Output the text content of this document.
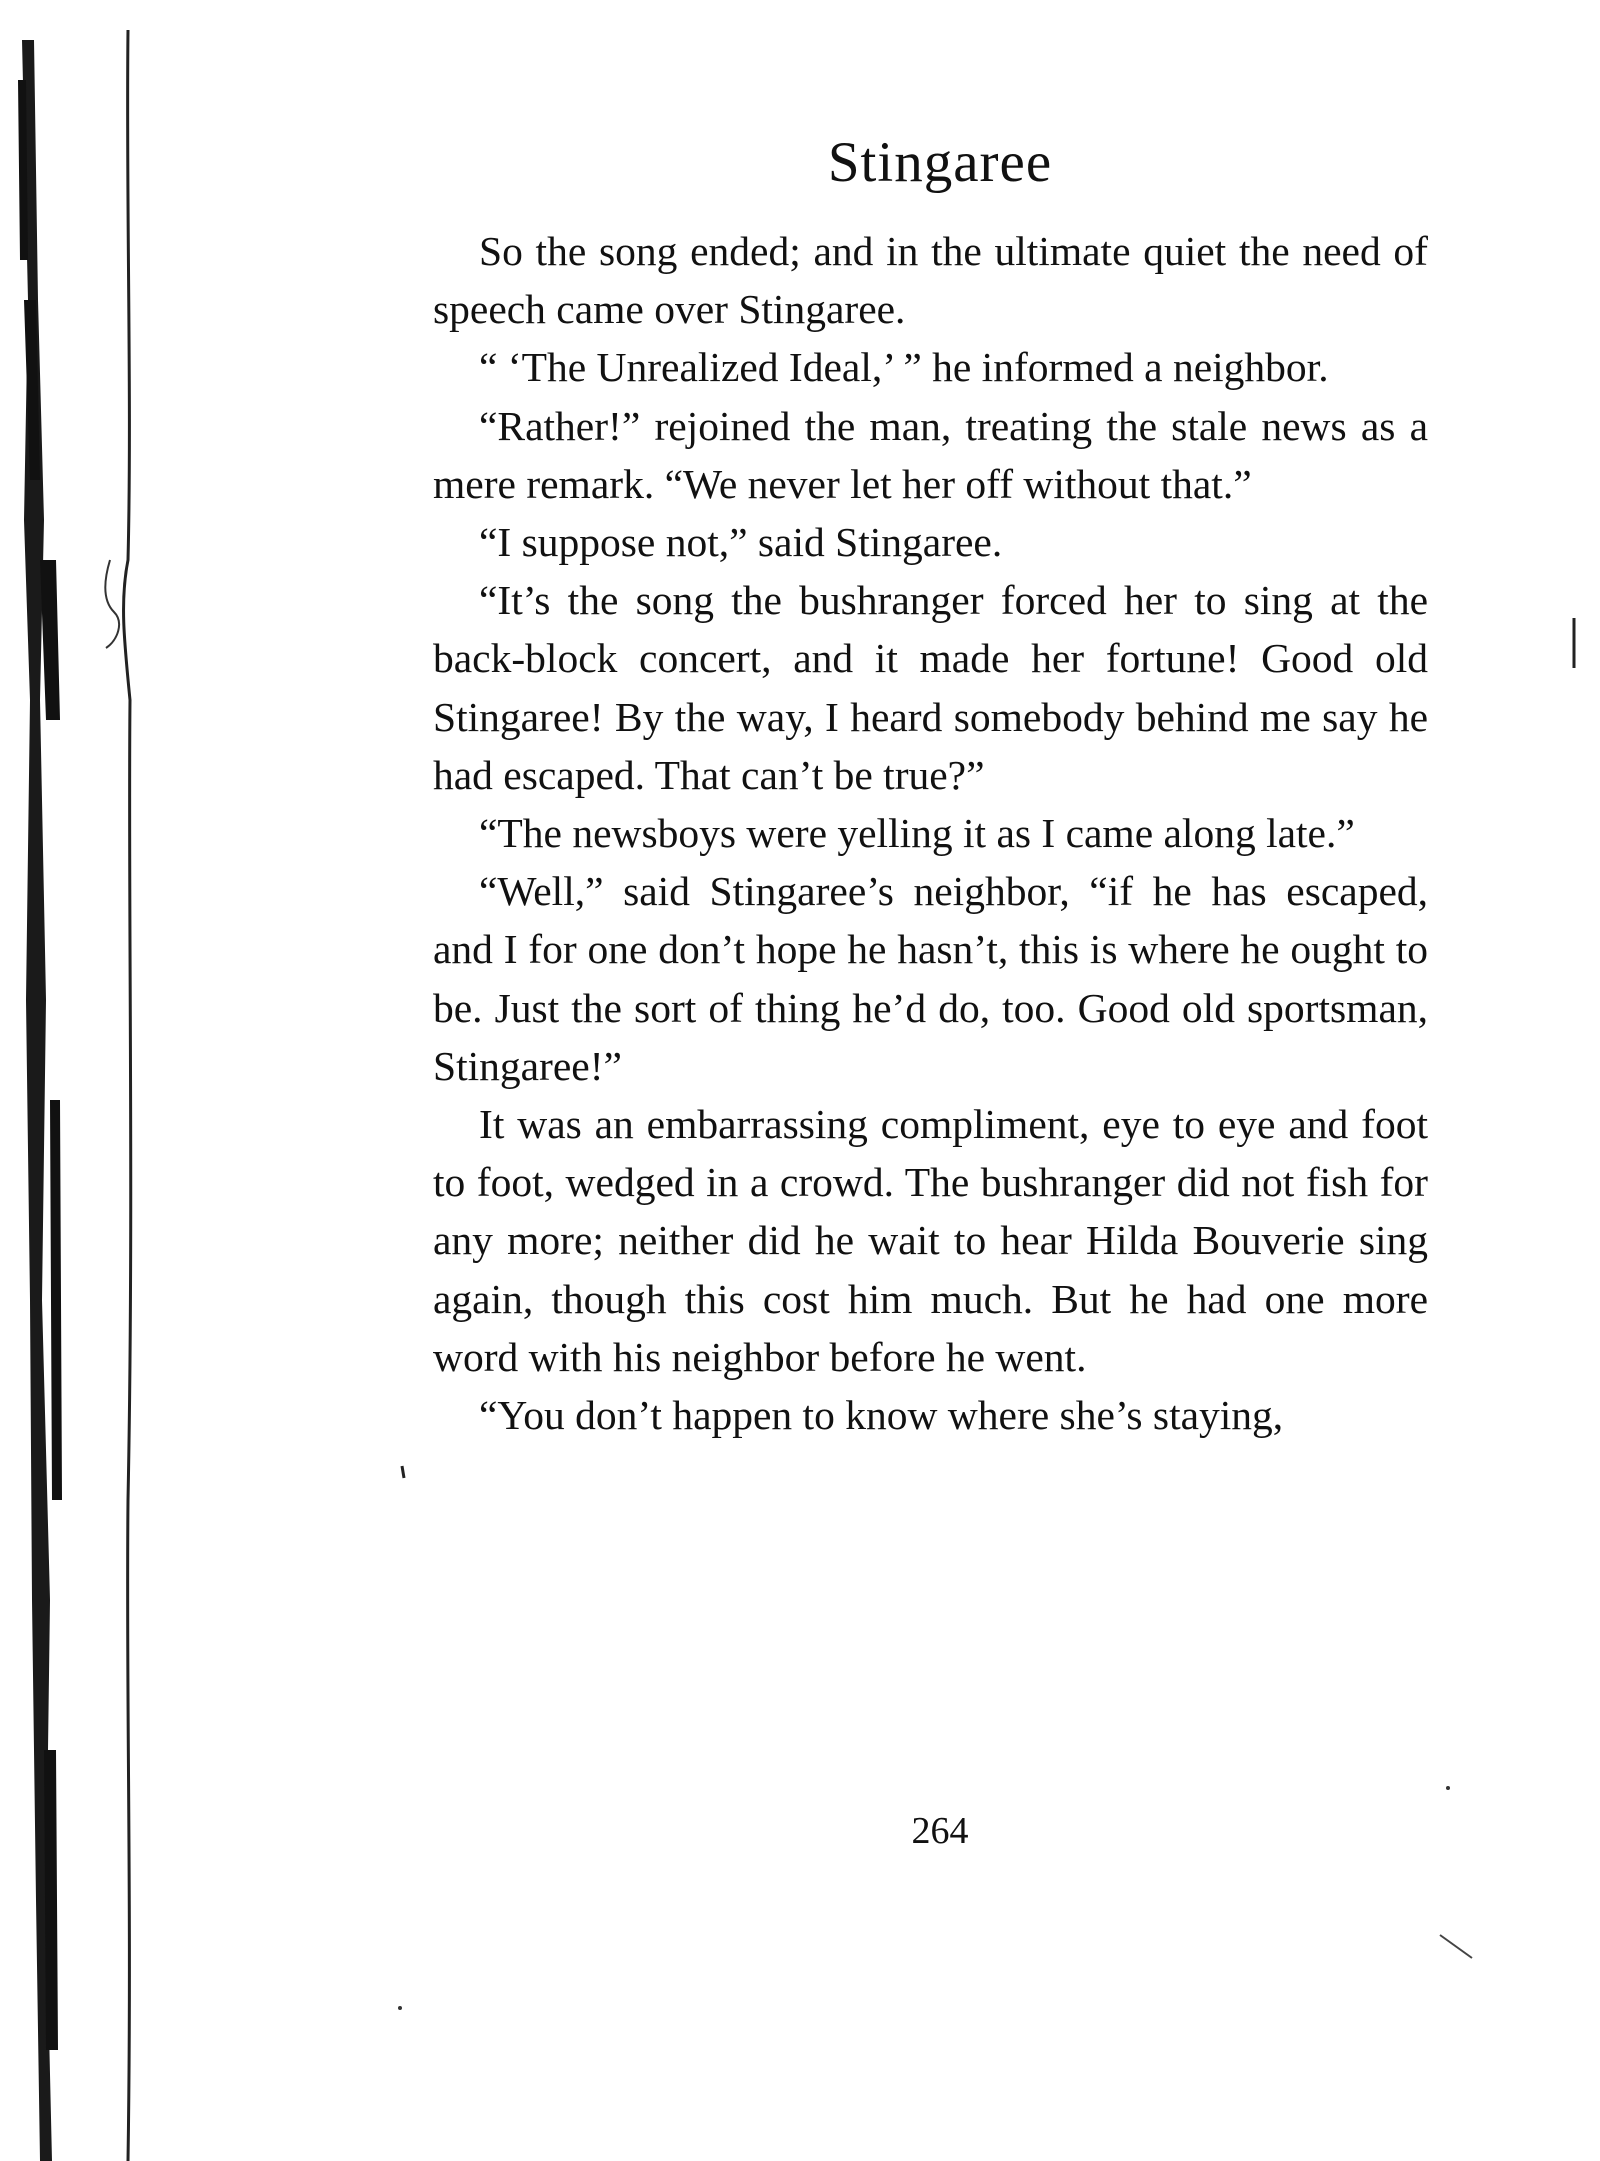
Stingaree

So the song ended; and in the ultimate quiet the need of speech came over Stingaree.

“ ‘The Unrealized Ideal,’ ” he informed a neighbor.

“Rather!” rejoined the man, treating the stale news as a mere remark. “We never let her off without that.”

“I suppose not,” said Stingaree.

“It’s the song the bushranger forced her to sing at the back-block concert, and it made her fortune! Good old Stingaree! By the way, I heard somebody behind me say he had escaped. That can’t be true?”

“The newsboys were yelling it as I came along late.”

“Well,” said Stingaree’s neighbor, “if he has escaped, and I for one don’t hope he hasn’t, this is where he ought to be. Just the sort of thing he’d do, too. Good old sportsman, Stingaree!”

It was an embarrassing compliment, eye to eye and foot to foot, wedged in a crowd. The bushranger did not fish for any more; neither did he wait to hear Hilda Bouverie sing again, though this cost him much. But he had one more word with his neighbor before he went.

“You don’t happen to know where she’s staying,

264
